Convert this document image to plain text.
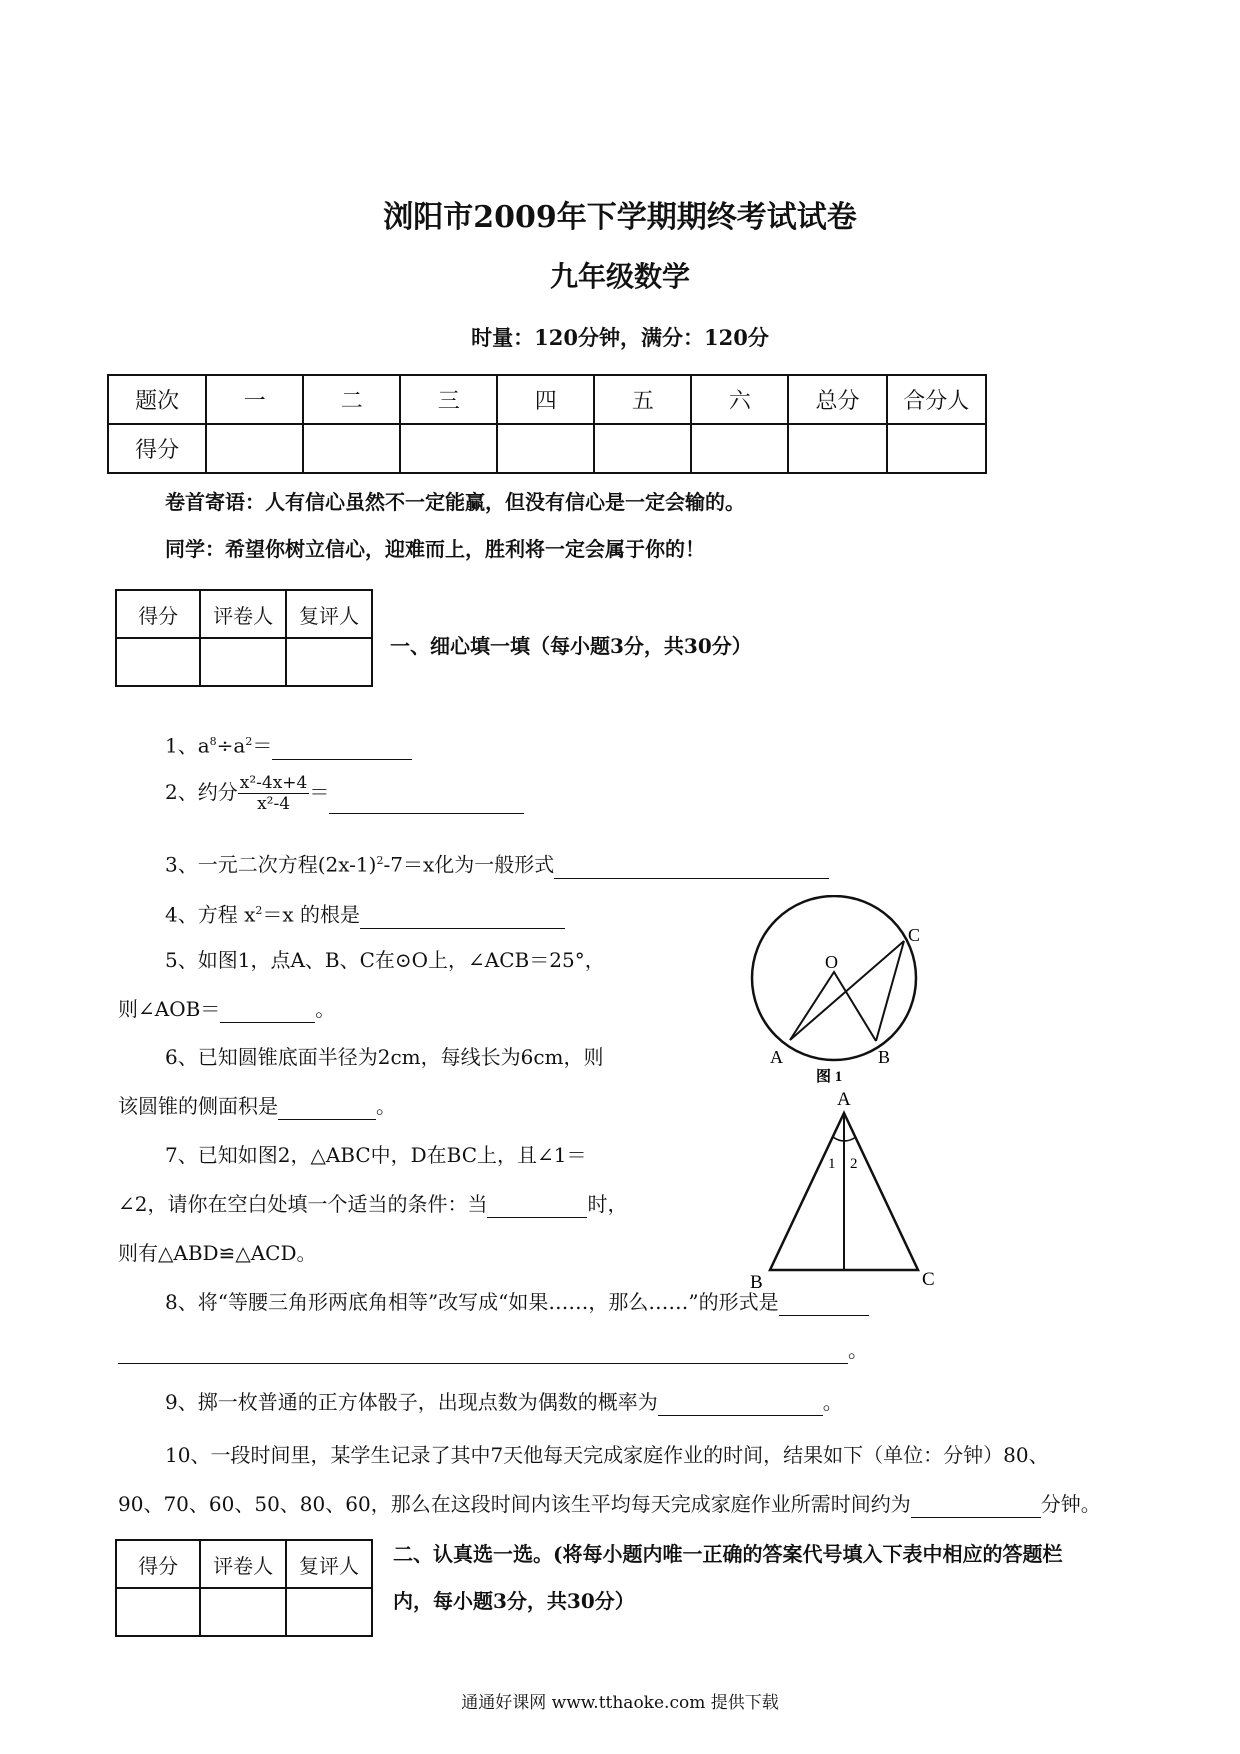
浏阳市2009年下学期期终考试试卷
九年级数学
时量：120分钟，满分：120分
题次	一	二	三	四	五	六	总分	合分人
得分								
卷首寄语：人有信心虽然不一定能赢，但没有信心是一定会输的。
同学：希望你树立信心，迎难而上，胜利将一定会属于你的！
得分	评卷人	复评人

一、细心填一填（每小题3分，共30分）
1、$a^8\div a^2=$
2、约分 $\frac{\text{x²-4x+4}}{\text{x²-4}}$ ＝
3、一元二次方程$(2x-1)^2-7=x$化为一般形式
4、方程 $x^2=x$ 的根是
5、如图1，点A、B、C在⊙O上，∠ACB＝25°，
则∠AOB＝	。
6、已知圆锥底面半径为2cm，每线长为6cm，则
该圆锥的侧面积是	。
7、已知如图2，△ABC中，D在BC上，且∠1＝
∠2，请你在空白处填一个适当的条件：当	时，
则有△ABD≌△ACD。
8、将“等腰三角形两底角相等”改写成“如果……，那么……”的形式是
。
9、掷一枚普通的正方体骰子，出现点数为偶数的概率为	。
10、一段时间里，某学生记录了其中7天他每天完成家庭作业的时间，结果如下（单位：分钟）80、
90、70、60、50、80、60，那么在这段时间内该生平均每天完成家庭作业所需时间约为	分钟。
O
A	B
C
图 1
A
B	C
1 2
得分	评卷人	复评人
		二、认真选一选。(将每小题内唯一正确的答案代号填入下表中相应的答题栏
内，每小题3分，共30分）
通通好课网 www.tthaoke.com 提供下载
